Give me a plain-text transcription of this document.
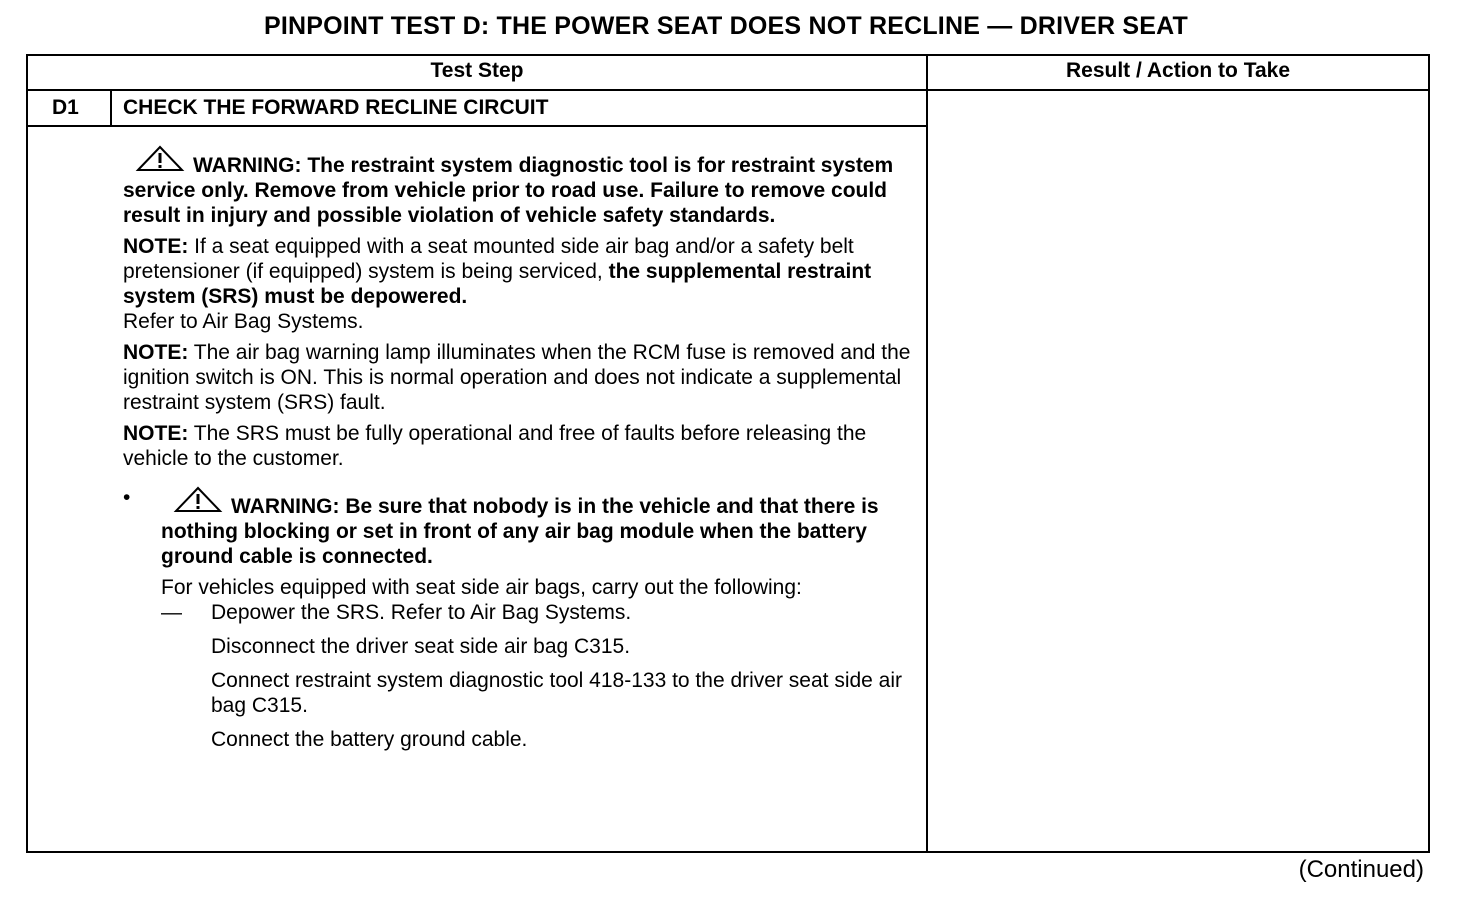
PINPOINT TEST D: THE POWER SEAT DOES NOT RECLINE — DRIVER SEAT
Test Step	Result / Action to Take
D1 CHECK THE FORWARD RECLINE CIRCUIT

WARNING: The restraint system diagnostic tool is for restraint system service only. Remove from vehicle prior to road use. Failure to remove could result in injury and possible violation of vehicle safety standards.

NOTE: If a seat equipped with a seat mounted side air bag and/or a safety belt pretensioner (if equipped) system is being serviced, the supplemental restraint system (SRS) must be depowered.
Refer to Air Bag Systems.

NOTE: The air bag warning lamp illuminates when the RCM fuse is removed and the ignition switch is ON. This is normal operation and does not indicate a supplemental restraint system (SRS) fault.

NOTE: The SRS must be fully operational and free of faults before releasing the vehicle to the customer.

•	WARNING: Be sure that nobody is in the vehicle and that there is nothing blocking or set in front of any air bag module when the battery ground cable is connected.

For vehicles equipped with seat side air bags, carry out the following:

— Depower the SRS. Refer to Air Bag Systems.

Disconnect the driver seat side air bag C315.

Connect restraint system diagnostic tool 418-133 to the driver seat side air bag C315.

Connect the battery ground cable.

(Continued)
